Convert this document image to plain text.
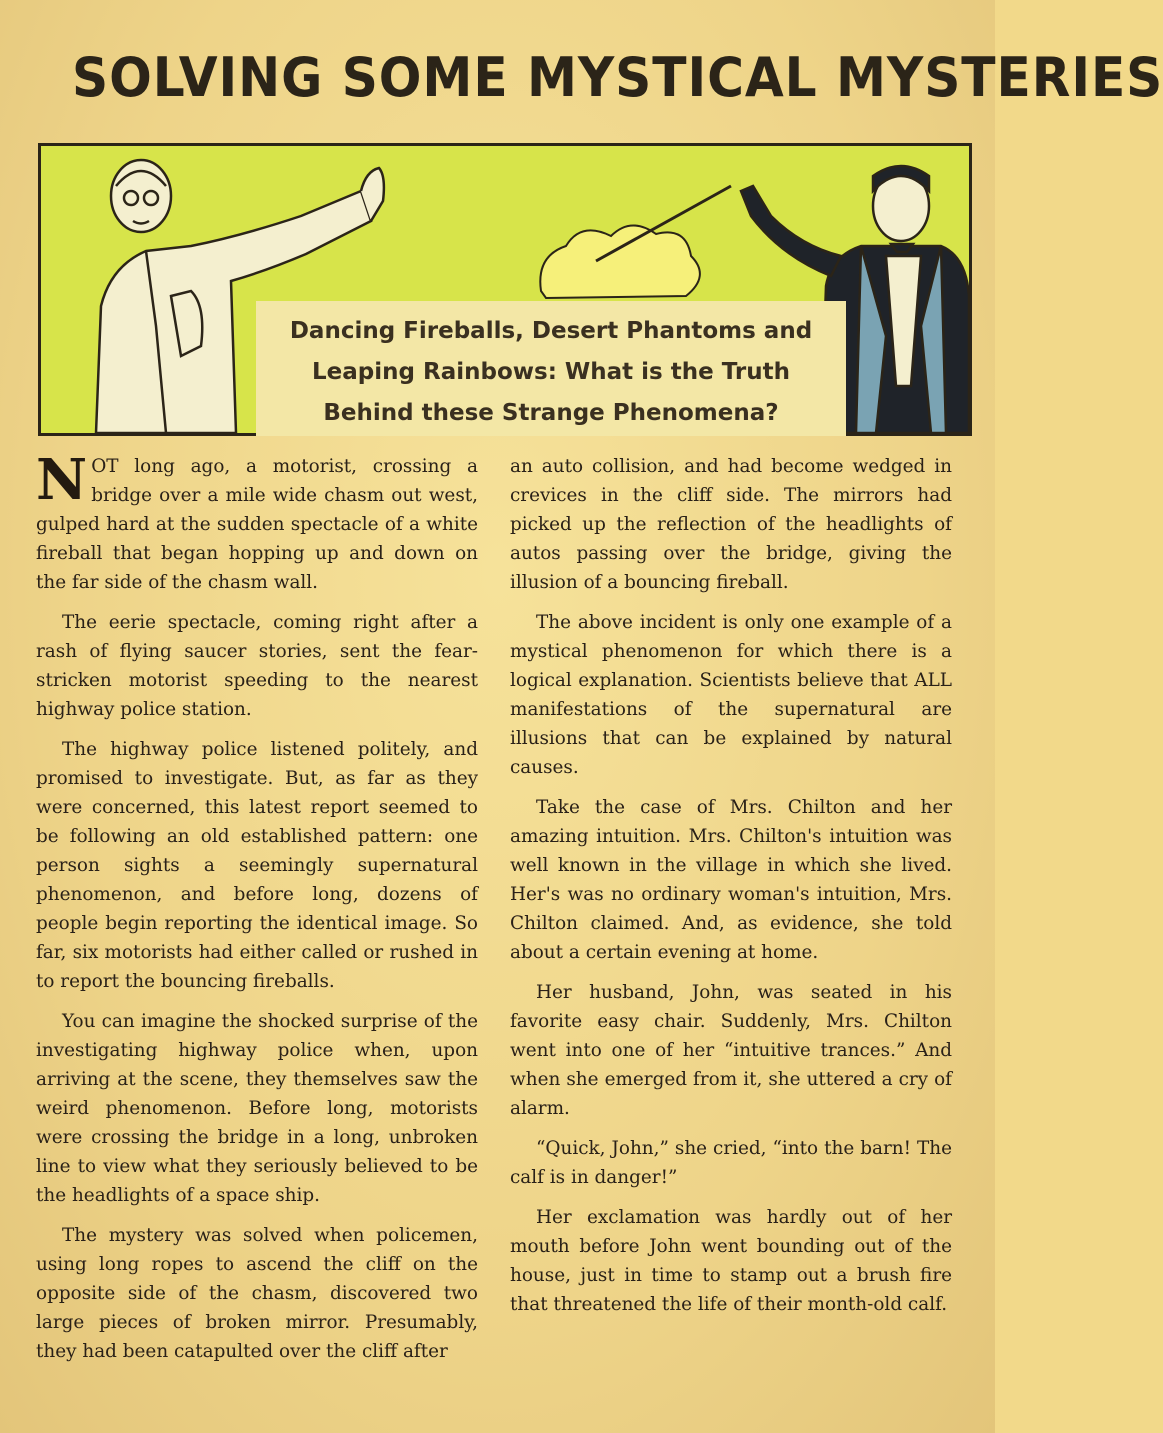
SOLVING SOME MYSTICAL MYSTERIES
Dancing Fireballs, Desert Phantoms and
Leaping Rainbows: What is the Truth
Behind these Strange Phenomena?

NOT long ago, a motorist, crossing a bridge over a mile wide chasm out west, gulped hard at the sudden spectacle of a white fireball that began hopping up and down on the far side of the chasm wall.

The eerie spectacle, coming right after a rash of flying saucer stories, sent the fear-stricken motorist speeding to the nearest highway police station.

The highway police listened politely, and promised to investigate. But, as far as they were concerned, this latest report seemed to be following an old established pattern: one person sights a seemingly supernatural phenomenon, and before long, dozens of people begin reporting the identical image. So far, six motorists had either called or rushed in to report the bouncing fireballs.

You can imagine the shocked surprise of the investigating highway police when, upon arriving at the scene, they themselves saw the weird phenomenon. Before long, motorists were crossing the bridge in a long, unbroken line to view what they seriously believed to be the headlights of a space ship.

The mystery was solved when policemen, using long ropes to ascend the cliff on the opposite side of the chasm, discovered two large pieces of broken mirror. Presumably, they had been catapulted over the cliff after

an auto collision, and had become wedged in crevices in the cliff side. The mirrors had picked up the reflection of the headlights of autos passing over the bridge, giving the illusion of a bouncing fireball.

The above incident is only one example of a mystical phenomenon for which there is a logical explanation. Scientists believe that ALL manifestations of the supernatural are illusions that can be explained by natural causes.

Take the case of Mrs. Chilton and her amazing intuition. Mrs. Chilton's intuition was well known in the village in which she lived. Her's was no ordinary woman's intuition, Mrs. Chilton claimed. And, as evidence, she told about a certain evening at home.

Her husband, John, was seated in his favorite easy chair. Suddenly, Mrs. Chilton went into one of her “intuitive trances.” And when she emerged from it, she uttered a cry of alarm.

“Quick, John,” she cried, “into the barn! The calf is in danger!”

Her exclamation was hardly out of her mouth before John went bounding out of the house, just in time to stamp out a brush fire that threatened the life of their month-old calf.
